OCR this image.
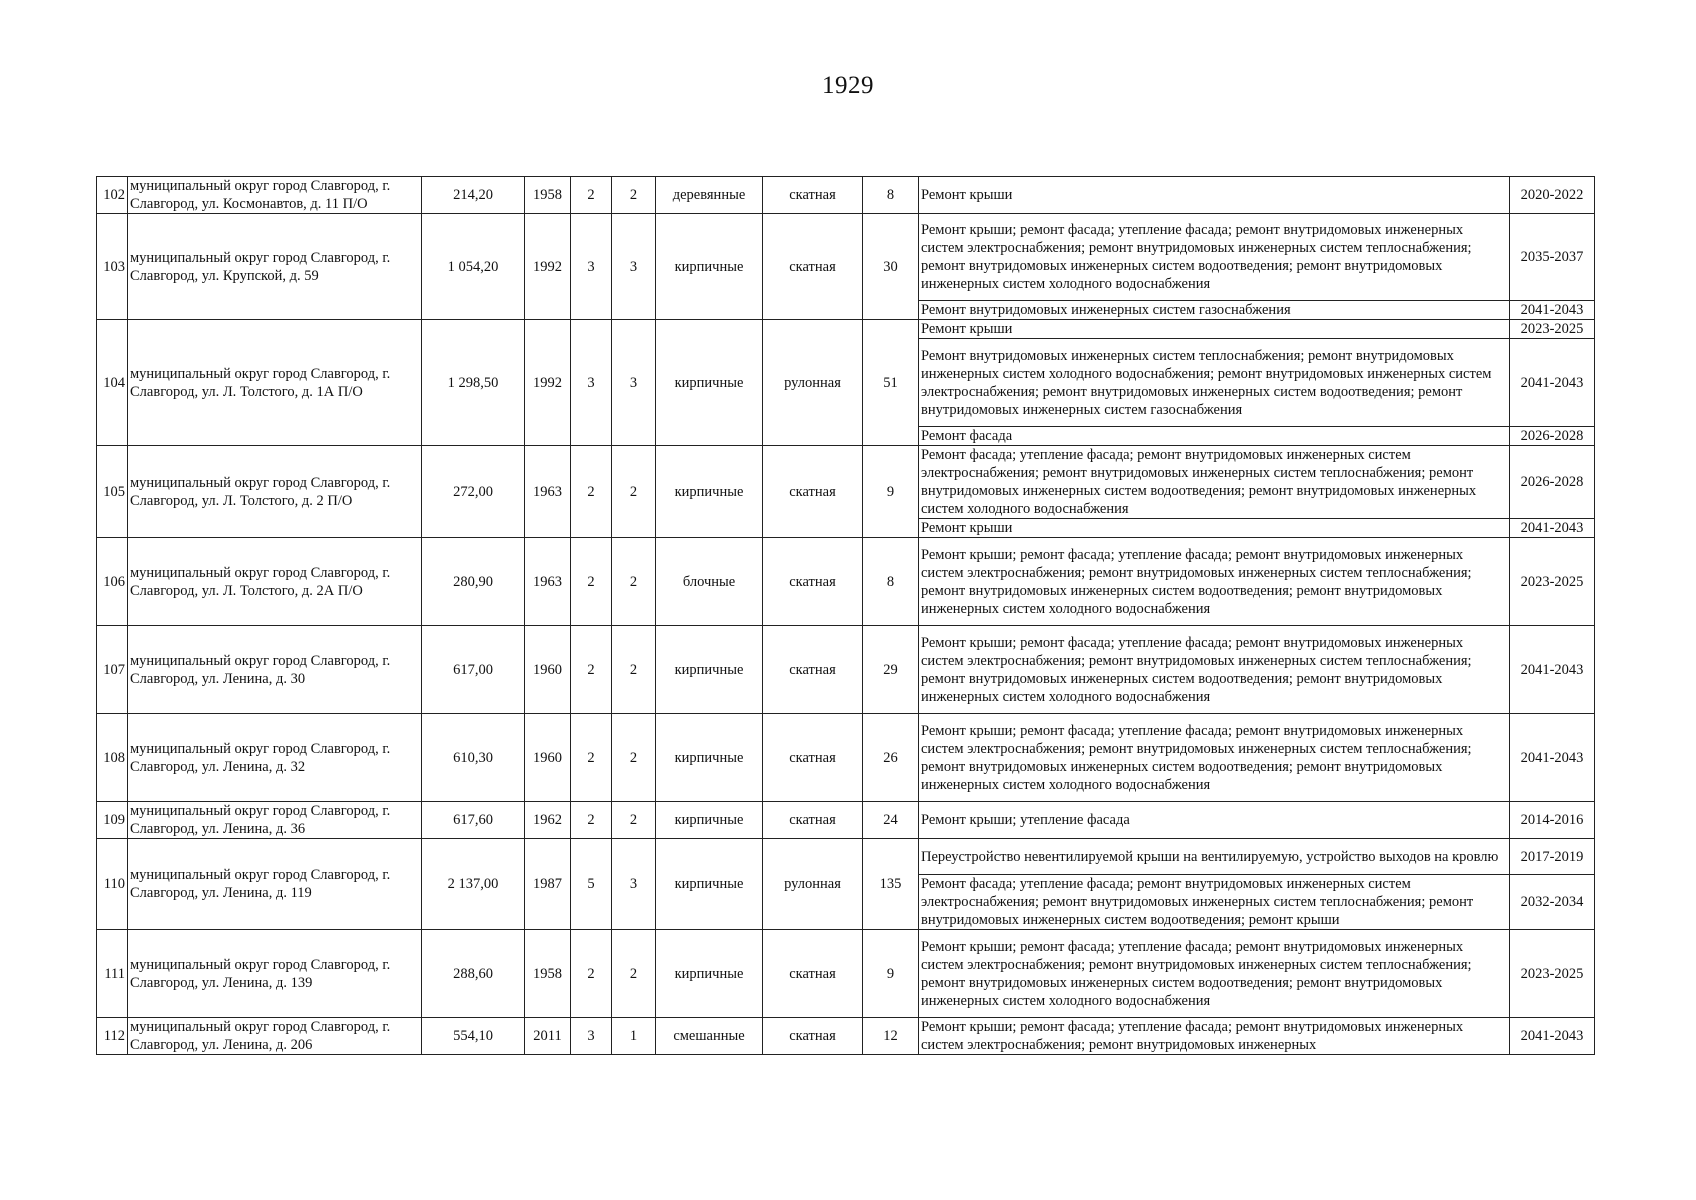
1929
102	муниципальный округ город Славгород, г. Славгород, ул. Космонавтов, д. 11 П/О	214,20	1958	2	2	деревянные	скатная	8	Ремонт крыши	2020-2022
103	муниципальный округ город Славгород, г. Славгород, ул. Крупской, д. 59	1 054,20	1992	3	3	кирпичные	скатная	30	Ремонт крыши; ремонт фасада; утепление фасада; ремонт внутридомовых инженерных систем электроснабжения; ремонт внутридомовых инженерных систем теплоснабжения; ремонт внутридомовых инженерных систем водоотведения; ремонт внутридомовых инженерных систем холодного водоснабжения	2035-2037
									Ремонт внутридомовых инженерных систем газоснабжения	2041-2043
104	муниципальный округ город Славгород, г. Славгород, ул. Л. Толстого, д. 1А П/О	1 298,50	1992	3	3	кирпичные	рулонная	51	Ремонт крыши	2023-2025
									Ремонт внутридомовых инженерных систем теплоснабжения; ремонт внутридомовых инженерных систем холодного водоснабжения; ремонт внутридомовых инженерных систем электроснабжения; ремонт внутридомовых инженерных систем водоотведения; ремонт внутридомовых инженерных систем газоснабжения	2041-2043
									Ремонт фасада	2026-2028
105	муниципальный округ город Славгород, г. Славгород, ул. Л. Толстого, д. 2 П/О	272,00	1963	2	2	кирпичные	скатная	9	Ремонт фасада; утепление фасада; ремонт внутридомовых инженерных систем электроснабжения; ремонт внутридомовых инженерных систем теплоснабжения; ремонт внутридомовых инженерных систем водоотведения; ремонт внутридомовых инженерных систем холодного водоснабжения	2026-2028
									Ремонт крыши	2041-2043
106	муниципальный округ город Славгород, г. Славгород, ул. Л. Толстого, д. 2А П/О	280,90	1963	2	2	блочные	скатная	8	Ремонт крыши; ремонт фасада; утепление фасада; ремонт внутридомовых инженерных систем электроснабжения; ремонт внутридомовых инженерных систем теплоснабжения; ремонт внутридомовых инженерных систем водоотведения; ремонт внутридомовых инженерных систем холодного водоснабжения	2023-2025
107	муниципальный округ город Славгород, г. Славгород, ул. Ленина, д. 30	617,00	1960	2	2	кирпичные	скатная	29	Ремонт крыши; ремонт фасада; утепление фасада; ремонт внутридомовых инженерных систем электроснабжения; ремонт внутридомовых инженерных систем теплоснабжения; ремонт внутридомовых инженерных систем водоотведения; ремонт внутридомовых инженерных систем холодного водоснабжения	2041-2043
108	муниципальный округ город Славгород, г. Славгород, ул. Ленина, д. 32	610,30	1960	2	2	кирпичные	скатная	26	Ремонт крыши; ремонт фасада; утепление фасада; ремонт внутридомовых инженерных систем электроснабжения; ремонт внутридомовых инженерных систем теплоснабжения; ремонт внутридомовых инженерных систем водоотведения; ремонт внутридомовых инженерных систем холодного водоснабжения	2041-2043
109	муниципальный округ город Славгород, г. Славгород, ул. Ленина, д. 36	617,60	1962	2	2	кирпичные	скатная	24	Ремонт крыши; утепление фасада	2014-2016
110	муниципальный округ город Славгород, г. Славгород, ул. Ленина, д. 119	2 137,00	1987	5	3	кирпичные	рулонная	135	Переустройство невентилируемой крыши на вентилируемую, устройство выходов на кровлю	2017-2019
									Ремонт фасада; утепление фасада; ремонт внутридомовых инженерных систем электроснабжения; ремонт внутридомовых инженерных систем теплоснабжения; ремонт внутридомовых инженерных систем водоотведения; ремонт крыши	2032-2034
111	муниципальный округ город Славгород, г. Славгород, ул. Ленина, д. 139	288,60	1958	2	2	кирпичные	скатная	9	Ремонт крыши; ремонт фасада; утепление фасада; ремонт внутридомовых инженерных систем электроснабжения; ремонт внутридомовых инженерных систем теплоснабжения; ремонт внутридомовых инженерных систем водоотведения; ремонт внутридомовых инженерных систем холодного водоснабжения	2023-2025
112	муниципальный округ город Славгород, г. Славгород, ул. Ленина, д. 206	554,10	2011	3	1	смешанные	скатная	12	Ремонт крыши; ремонт фасада; утепление фасада; ремонт внутридомовых инженерных систем электроснабжения; ремонт внутридомовых инженерных	2041-2043
